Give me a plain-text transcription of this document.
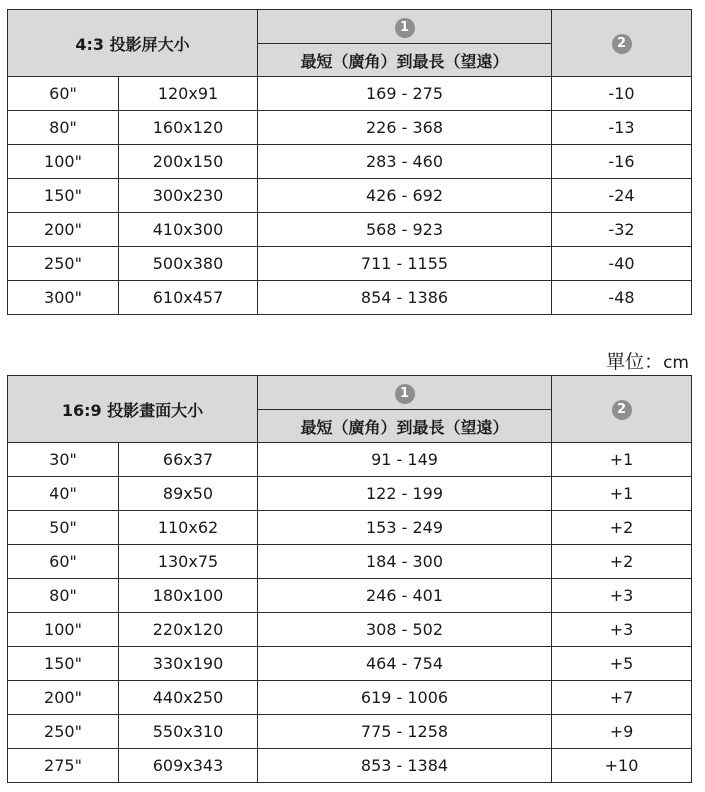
4:3 投影屏大小		1	2
		最短（廣角）到最長（望遠）	
60"	120x91	169 - 275	-10
80"	160x120	226 - 368	-13
100"	200x150	283 - 460	-16
150"	300x230	426 - 692	-24
200"	410x300	568 - 923	-32
250"	500x380	711 - 1155	-40
300"	610x457	854 - 1386	-48
單位：cm
16:9 投影畫面大小		1	2
		最短（廣角）到最長（望遠）	
30"	66x37	91 - 149	+1
40"	89x50	122 - 199	+1
50"	110x62	153 - 249	+2
60"	130x75	184 - 300	+2
80"	180x100	246 - 401	+3
100"	220x120	308 - 502	+3
150"	330x190	464 - 754	+5
200"	440x250	619 - 1006	+7
250"	550x310	775 - 1258	+9
275"	609x343	853 - 1384	+10
